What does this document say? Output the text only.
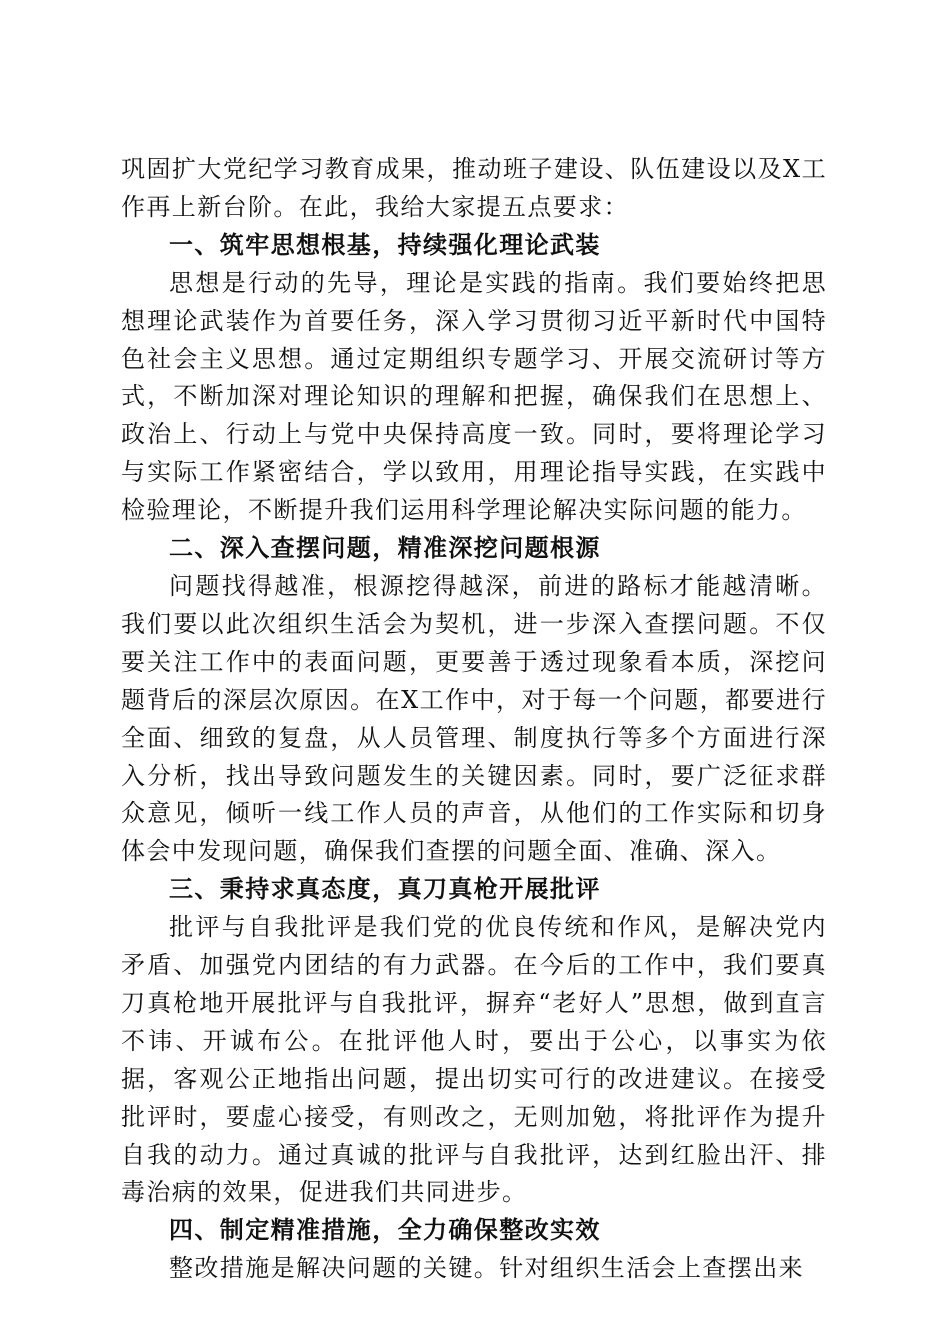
巩固扩大党纪学习教育成果，推动班子建设、队伍建设以及X工作再上新台阶。在此，我给大家提五点要求：

一、筑牢思想根基，持续强化理论武装

思想是行动的先导，理论是实践的指南。我们要始终把思想理论武装作为首要任务，深入学习贯彻习近平新时代中国特色社会主义思想。通过定期组织专题学习、开展交流研讨等方式，不断加深对理论知识的理解和把握，确保我们在思想上、政治上、行动上与党中央保持高度一致。同时，要将理论学习与实际工作紧密结合，学以致用，用理论指导实践，在实践中检验理论，不断提升我们运用科学理论解决实际问题的能力。

二、深入查摆问题，精准深挖问题根源

问题找得越准，根源挖得越深，前进的路标才能越清晰。我们要以此次组织生活会为契机，进一步深入查摆问题。不仅要关注工作中的表面问题，更要善于透过现象看本质，深挖问题背后的深层次原因。在X工作中，对于每一个问题，都要进行全面、细致的复盘，从人员管理、制度执行等多个方面进行深入分析，找出导致问题发生的关键因素。同时，要广泛征求群众意见，倾听一线工作人员的声音，从他们的工作实际和切身体会中发现问题，确保我们查摆的问题全面、准确、深入。

三、秉持求真态度，真刀真枪开展批评

批评与自我批评是我们党的优良传统和作风，是解决党内矛盾、加强党内团结的有力武器。在今后的工作中，我们要真刀真枪地开展批评与自我批评，摒弃“老好人”思想，做到直言不讳、开诚布公。在批评他人时，要出于公心，以事实为依据，客观公正地指出问题，提出切实可行的改进建议。在接受批评时，要虚心接受，有则改之，无则加勉，将批评作为提升自我的动力。通过真诚的批评与自我批评，达到红脸出汗、排毒治病的效果，促进我们共同进步。

四、制定精准措施，全力确保整改实效

整改措施是解决问题的关键。针对组织生活会上查摆出来
